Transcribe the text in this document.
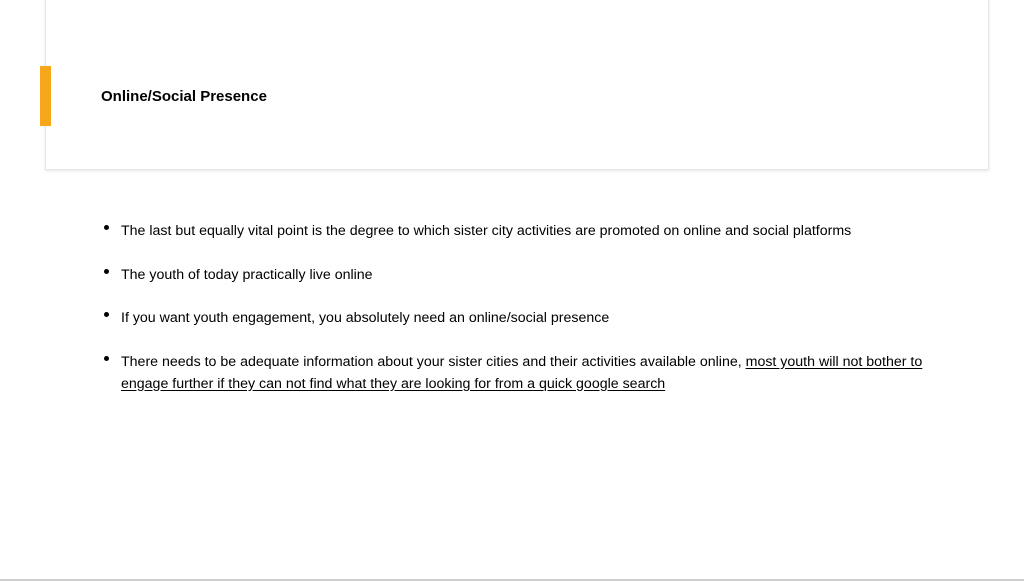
Online/Social Presence
The last but equally vital point is the degree to which sister city activities are promoted on online and social platforms
The youth of today practically live online
If you want youth engagement, you absolutely need an online/social presence
There needs to be adequate information about your sister cities and their activities available online, most youth will not bother to engage further if they can not find what they are looking for from a quick google search
